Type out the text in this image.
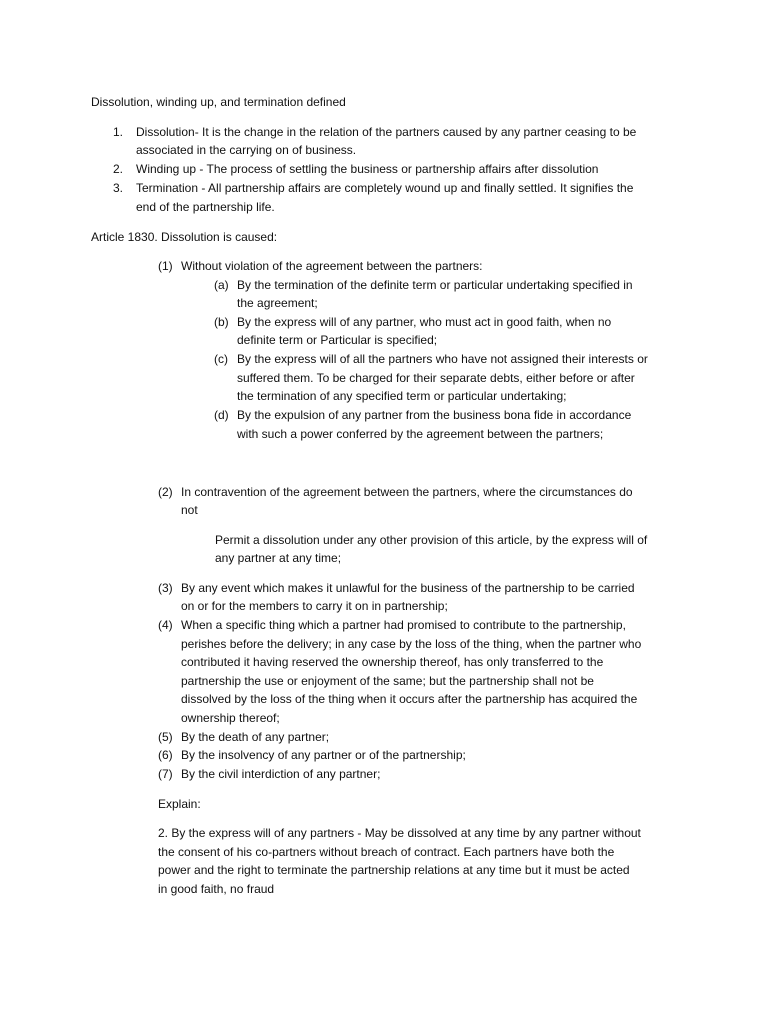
Dissolution, winding up, and termination defined
1. Dissolution- It is the change in the relation of the partners caused by any partner ceasing to be
associated in the carrying on of business.
2. Winding up - The process of settling the business or partnership affairs after dissolution
3. Termination - All partnership affairs are completely wound up and finally settled. It signifies the
end of the partnership life.
Article 1830. Dissolution is caused:
(1) Without violation of the agreement between the partners:
(a) By the termination of the definite term or particular undertaking specified in
the agreement;
(b) By the express will of any partner, who must act in good faith, when no
definite term or Particular is specified;
(c) By the express will of all the partners who have not assigned their interests or
suffered them. To be charged for their separate debts, either before or after
the termination of any specified term or particular undertaking;
(d) By the expulsion of any partner from the business bona fide in accordance
with such a power conferred by the agreement between the partners;
(2) In contravention of the agreement between the partners, where the circumstances do
not
Permit a dissolution under any other provision of this article, by the express will of
any partner at any time;
(3) By any event which makes it unlawful for the business of the partnership to be carried
on or for the members to carry it on in partnership;
(4) When a specific thing which a partner had promised to contribute to the partnership,
perishes before the delivery; in any case by the loss of the thing, when the partner who
contributed it having reserved the ownership thereof, has only transferred to the
partnership the use or enjoyment of the same; but the partnership shall not be
dissolved by the loss of the thing when it occurs after the partnership has acquired the
ownership thereof;
(5) By the death of any partner;
(6) By the insolvency of any partner or of the partnership;
(7) By the civil interdiction of any partner;
Explain:
2. By the express will of any partners - May be dissolved at any time by any partner without
the consent of his co-partners without breach of contract. Each partners have both the
power and the right to terminate the partnership relations at any time but it must be acted
in good faith, no fraud
